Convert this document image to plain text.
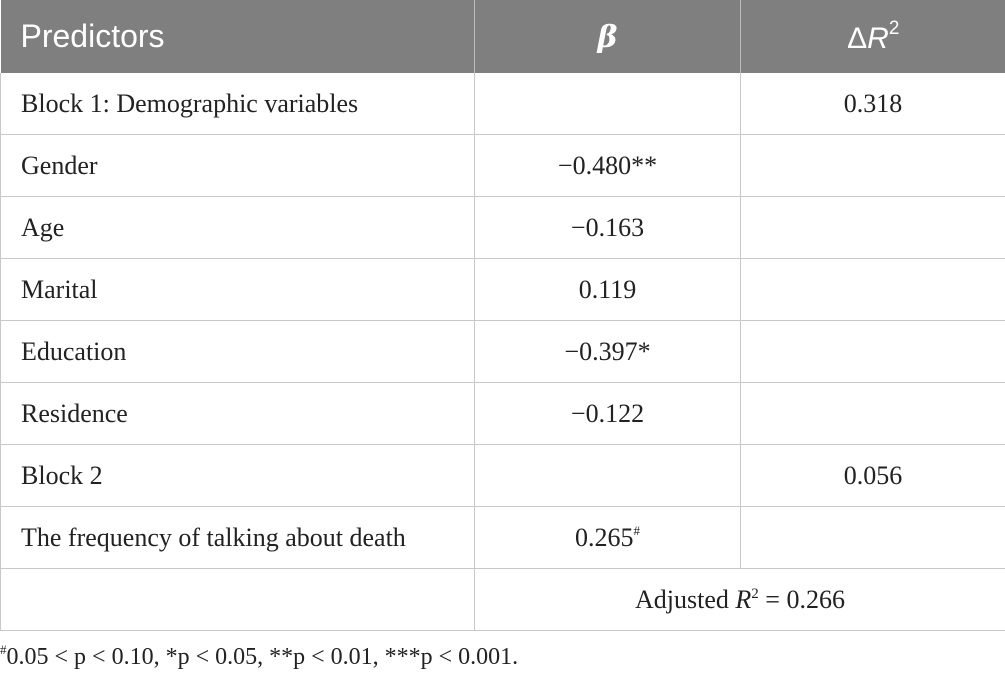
Predictors	β	$\Delta R^2$
Block 1: Demographic variables		0.318
Gender	−0.480**	
Age	−0.163	
Marital	0.119	
Education	−0.397*	
Residence	−0.122	
Block 2		0.056
The frequency of talking about death	0.265#	
	Adjusted $R^2 = 0.266$	
#0.05 < p < 0.10, *p < 0.05, **p < 0.01, ***p < 0.001.
